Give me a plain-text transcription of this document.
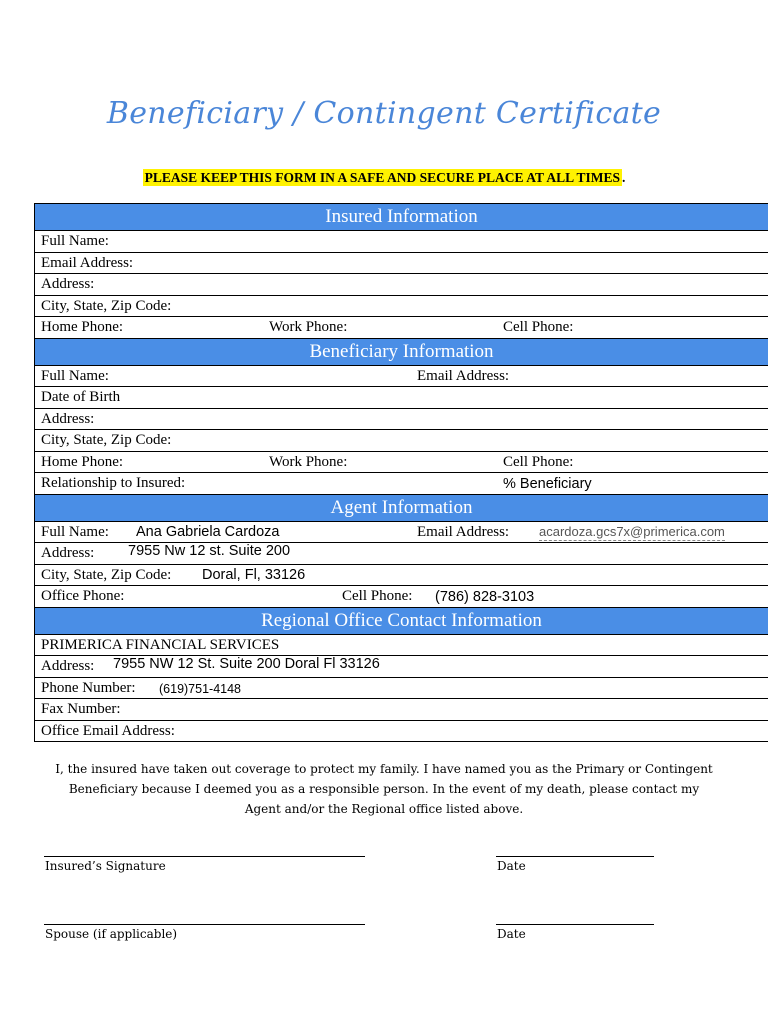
Beneficiary / Contingent Certificate
PLEASE KEEP THIS FORM IN A SAFE AND SECURE PLACE AT ALL TIMES .
Insured Information
Full Name:
Email Address:
Address:
City, State, Zip Code:
Home Phone:	Work Phone:	Cell Phone:
Beneficiary Information
Full Name:	Email Address:
Date of Birth
Address:
City, State, Zip Code:
Home Phone:	Work Phone:	Cell Phone:
Relationship to Insured:	% Beneficiary
Agent Information
Full Name: Ana Gabriela Cardoza	Email Address: acardoza.gcs7x@primerica.com
Address: 7955 Nw 12 st. Suite 200
City, State, Zip Code: Doral, Fl, 33126
Office Phone:	Cell Phone: (786) 828-3103
Regional Office Contact Information
PRIMERICA FINANCIAL SERVICES
Address: 7955 NW 12 St. Suite 200 Doral Fl 33126
Phone Number: (619)751-4148
Fax Number:
Office Email Address:
I, the insured have taken out coverage to protect my family. I have named you as the Primary or Contingent
Beneficiary because I deemed you as a responsible person. In the event of my death, please contact my
Agent and/or the Regional office listed above.
Insured’s Signature	Date
Spouse (if applicable)	Date
